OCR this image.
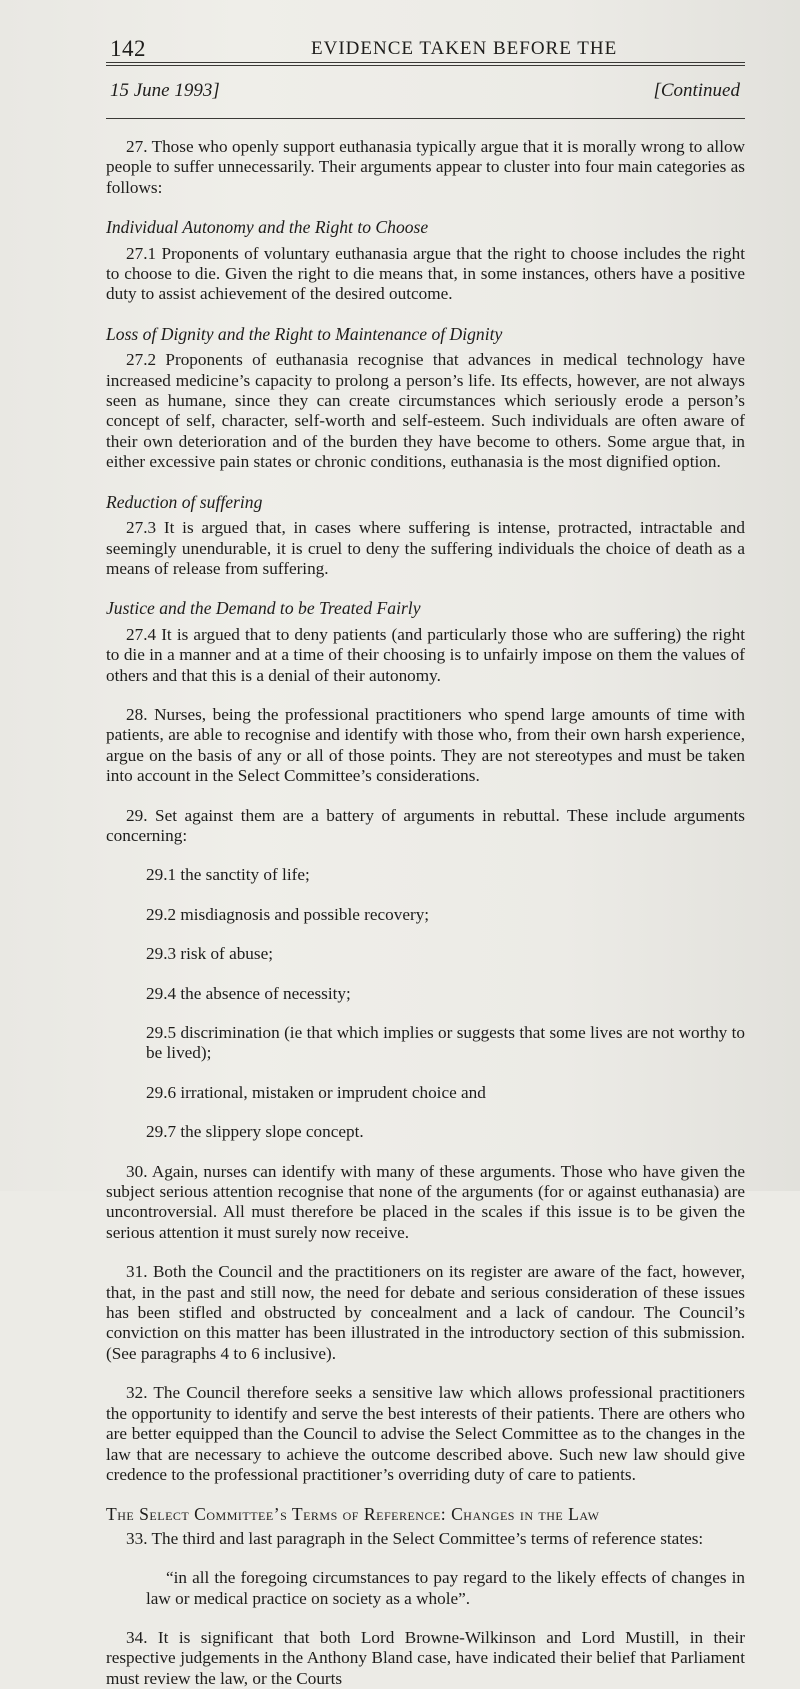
142	EVIDENCE TAKEN BEFORE THE
15 June 1993]	[Continued

27. Those who openly support euthanasia typically argue that it is morally wrong to allow people to suffer unnecessarily. Their arguments appear to cluster into four main categories as follows:

Individual Autonomy and the Right to Choose

27.1 Proponents of voluntary euthanasia argue that the right to choose includes the right to choose to die. Given the right to die means that, in some instances, others have a positive duty to assist achievement of the desired outcome.

Loss of Dignity and the Right to Maintenance of Dignity

27.2 Proponents of euthanasia recognise that advances in medical technology have increased medicine’s capacity to prolong a person’s life. Its effects, however, are not always seen as humane, since they can create circumstances which seriously erode a person’s concept of self, character, self-worth and self-esteem. Such individuals are often aware of their own deterioration and of the burden they have become to others. Some argue that, in either excessive pain states or chronic conditions, euthanasia is the most dignified option.

Reduction of suffering

27.3 It is argued that, in cases where suffering is intense, protracted, intractable and seemingly unendurable, it is cruel to deny the suffering individuals the choice of death as a means of release from suffering.

Justice and the Demand to be Treated Fairly

27.4 It is argued that to deny patients (and particularly those who are suffering) the right to die in a manner and at a time of their choosing is to unfairly impose on them the values of others and that this is a denial of their autonomy.

28. Nurses, being the professional practitioners who spend large amounts of time with patients, are able to recognise and identify with those who, from their own harsh experience, argue on the basis of any or all of those points. They are not stereotypes and must be taken into account in the Select Committee’s considerations.

29. Set against them are a battery of arguments in rebuttal. These include arguments concerning:

29.1 the sanctity of life;
29.2 misdiagnosis and possible recovery;
29.3 risk of abuse;
29.4 the absence of necessity;
29.5 discrimination (ie that which implies or suggests that some lives are not worthy to be lived);
29.6 irrational, mistaken or imprudent choice and
29.7 the slippery slope concept.

30. Again, nurses can identify with many of these arguments. Those who have given the subject serious attention recognise that none of the arguments (for or against euthanasia) are uncontroversial. All must therefore be placed in the scales if this issue is to be given the serious attention it must surely now receive.

31. Both the Council and the practitioners on its register are aware of the fact, however, that, in the past and still now, the need for debate and serious consideration of these issues has been stifled and obstructed by concealment and a lack of candour. The Council’s conviction on this matter has been illustrated in the introductory section of this submission. (See paragraphs 4 to 6 inclusive).

32. The Council therefore seeks a sensitive law which allows professional practitioners the opportunity to identify and serve the best interests of their patients. There are others who are better equipped than the Council to advise the Select Committee as to the changes in the law that are necessary to achieve the outcome described above. Such new law should give credence to the professional practitioner’s overriding duty of care to patients.

The Select Committee’s Terms of Reference: Changes in the Law

33. The third and last paragraph in the Select Committee’s terms of reference states:

“in all the foregoing circumstances to pay regard to the likely effects of changes in law or medical practice on society as a whole”.

34. It is significant that both Lord Browne-Wilkinson and Lord Mustill, in their respective judgements in the Anthony Bland case, have indicated their belief that Parliament must review the law, or the Courts
